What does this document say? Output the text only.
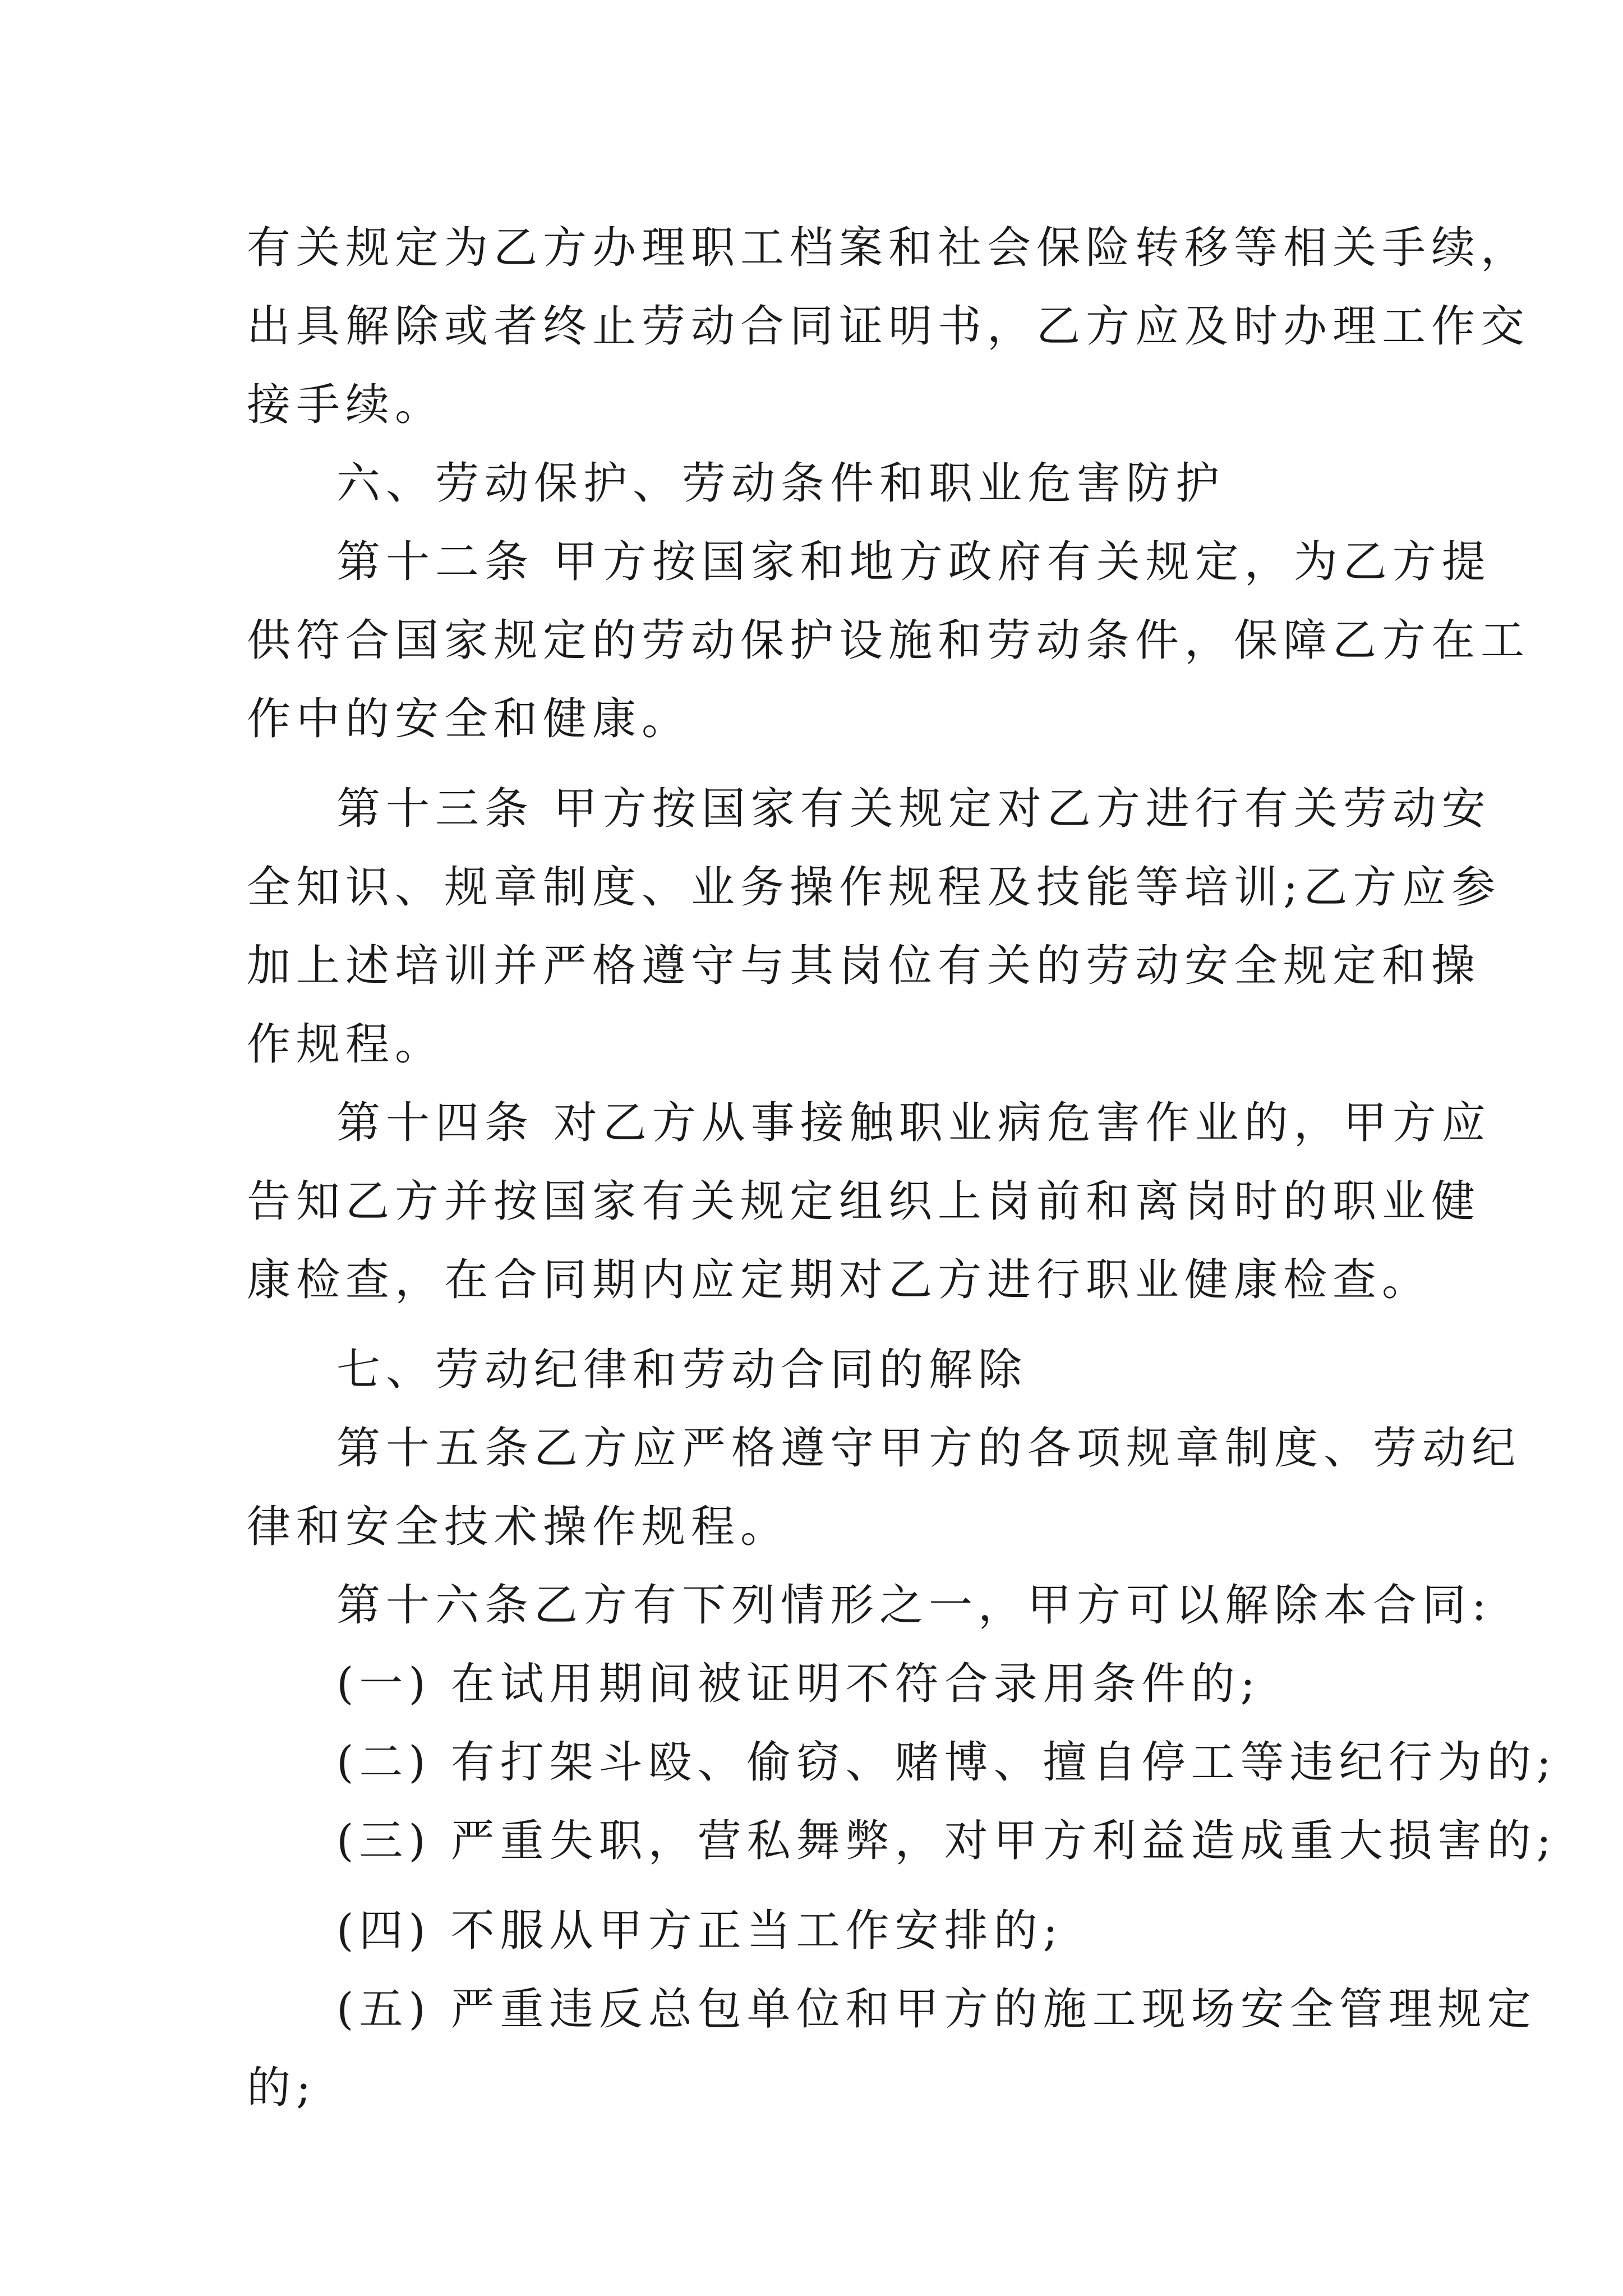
有关规定为乙方办理职工档案和社会保险转移等相关手续，
出具解除或者终止劳动合同证明书，乙方应及时办理工作交
接手续。
六、劳动保护、劳动条件和职业危害防护
第十二条 甲方按国家和地方政府有关规定，为乙方提
供符合国家规定的劳动保护设施和劳动条件，保障乙方在工
作中的安全和健康。
第十三条 甲方按国家有关规定对乙方进行有关劳动安
全知识、规章制度、业务操作规程及技能等培训;乙方应参
加上述培训并严格遵守与其岗位有关的劳动安全规定和操
作规程。
第十四条 对乙方从事接触职业病危害作业的，甲方应
告知乙方并按国家有关规定组织上岗前和离岗时的职业健
康检查，在合同期内应定期对乙方进行职业健康检查。
七、劳动纪律和劳动合同的解除
第十五条乙方应严格遵守甲方的各项规章制度、劳动纪
律和安全技术操作规程。
第十六条乙方有下列情形之一，甲方可以解除本合同:
(一) 在试用期间被证明不符合录用条件的;
(二) 有打架斗殴、偷窃、赌博、擅自停工等违纪行为的;
(三) 严重失职，营私舞弊，对甲方利益造成重大损害的;
(四) 不服从甲方正当工作安排的;
(五) 严重违反总包单位和甲方的施工现场安全管理规定
的;
